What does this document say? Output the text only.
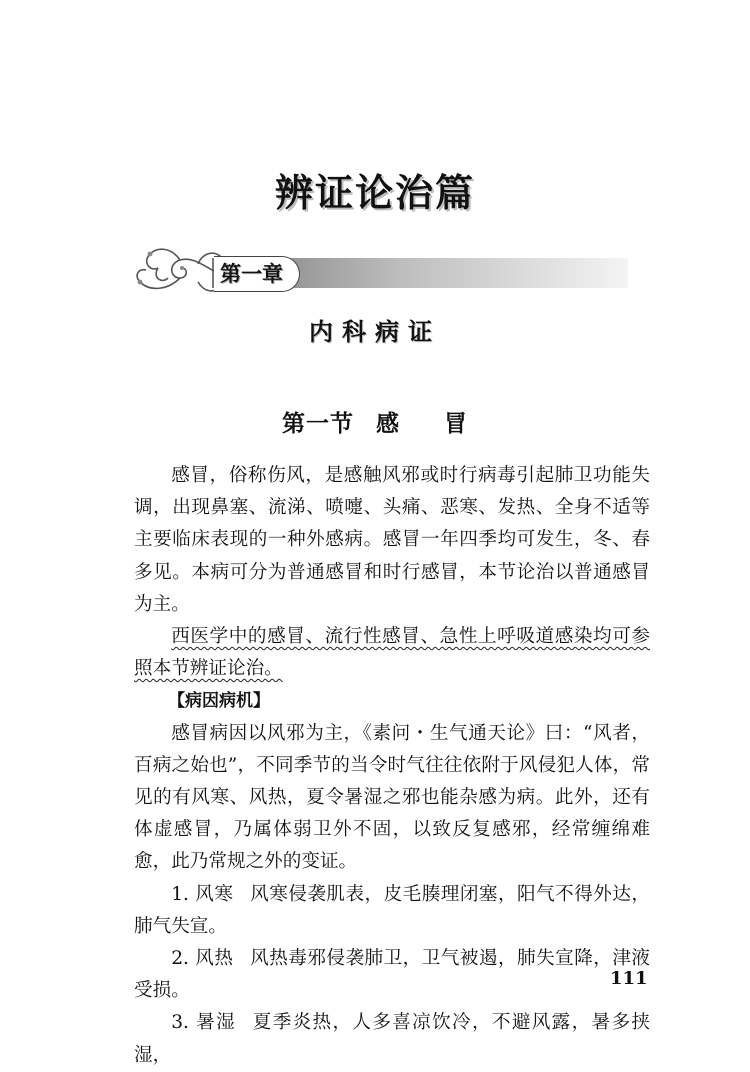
辨证论治篇
第一章
内科病证
第一节 感 冒

感冒，俗称伤风，是感触风邪或时行病毒引起肺卫功能失调，出现鼻塞、流涕、喷嚏、头痛、恶寒、发热、全身不适等主要临床表现的一种外感病。感冒一年四季均可发生，冬、春多见。本病可分为普通感冒和时行感冒，本节论治以普通感冒为主。

西医学中的感冒、流行性感冒、急性上呼吸道感染均可参照本节辨证论治。

【病因病机】

感冒病因以风邪为主，《素问・生气通天论》曰：“风者，百病之始也”，不同季节的当令时气往往依附于风侵犯人体，常见的有风寒、风热，夏令暑湿之邪也能杂感为病。此外，还有体虚感冒，乃属体弱卫外不固，以致反复感邪，经常缠绵难愈，此乃常规之外的变证。

1. 风寒 风寒侵袭肌表，皮毛腠理闭塞，阳气不得外达，肺气失宣。

2. 风热 风热毒邪侵袭肺卫，卫气被遏，肺失宣降，津液受损。

3. 暑湿 夏季炎热，人多喜凉饮冷，不避风露，暑多挟湿，

111
